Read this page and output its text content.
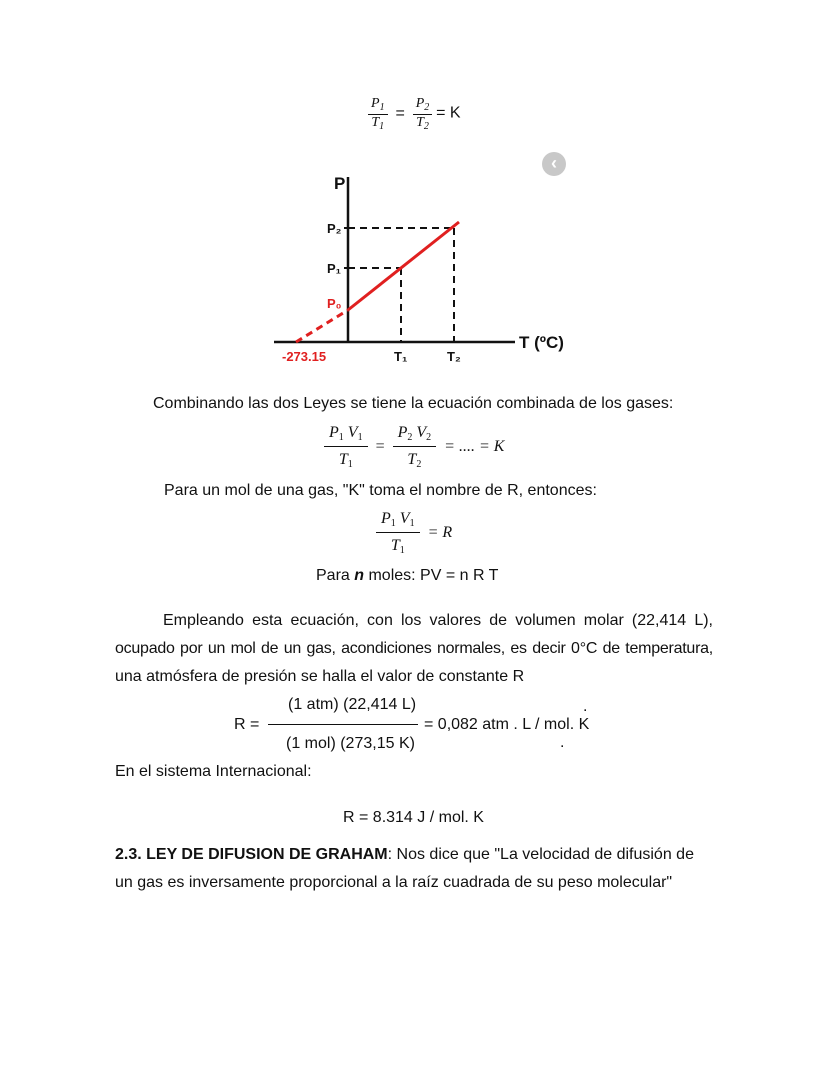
$\frac{P_1}{T_1} = \frac{P_2}{T_2} = K$
‹
P
P₂
P₁
P₀
-273.15	T₁	T₂
T (ºC)
Combinando las dos Leyes se tiene la ecuación combinada de los gases:
$\frac{P_1 V_1}{T_1} = \frac{P_2 V_2}{T_2}$ = .... = K
Para un mol de una gas, "K" toma el nombre de R, entonces:
$\frac{P_1 V_1}{T_1} = R$
Para n moles: PV = n R T
Empleando esta ecuación, con los valores de volumen molar (22,414 L),
ocupado por un mol de un gas, acondiciones normales, es decir 0°C de temperatura,
una atmósfera de presión se halla el valor de constante R
R =
(1 atm) (22,414 L)
(1 mol) (273,15 K)
= 0,082 atm . L / mol. K
.
.
En el sistema Internacional:
R = 8.314 J / mol. K
2.3. LEY DE DIFUSION DE GRAHAM: Nos dice que "La velocidad de difusión de
un gas es inversamente proporcional a la raíz cuadrada de su peso molecular"
